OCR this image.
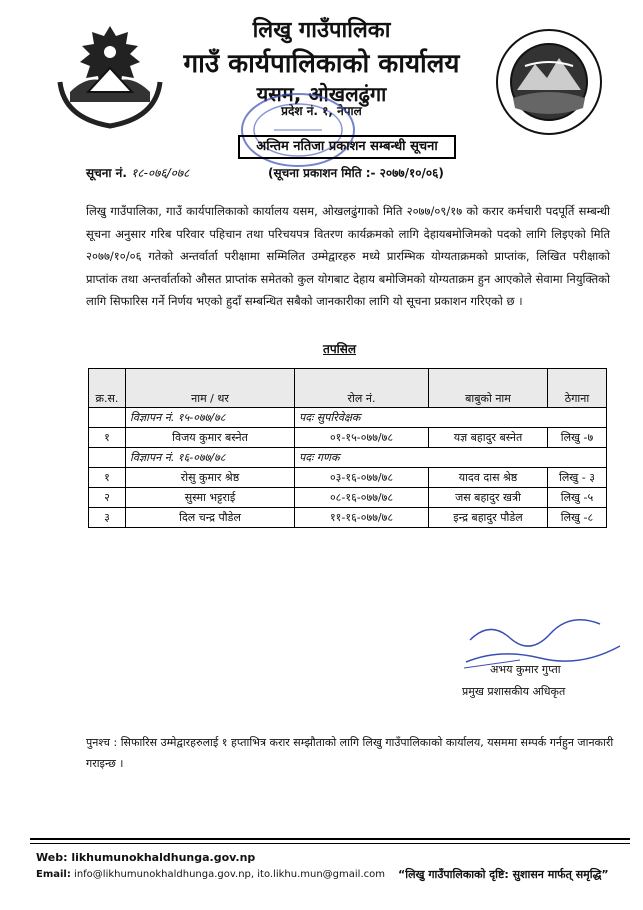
लिखु गाउँपालिका
गाउँ कार्यपालिकाको कार्यालय
यसम, ओखलढुंगा
प्रदेश नं. १, नेपाल
अन्तिम नतिजा प्रकाशन सम्बन्धी सूचना
सूचना नं. १८-०७६/०७८	(सूचना प्रकाशन मिति :- २०७७/१०/०६)
लिखु गाउँपालिका, गाउँ कार्यपालिकाको कार्यालय यसम, ओखलढुंगाको मिति २०७७/०९/१७ को करार कर्मचारी पदपूर्ति सम्बन्धी सूचना अनुसार गरिब परिवार पहिचान तथा परिचयपत्र वितरण कार्यक्रमको लागि देहायबमोजिमको पदको लागि लिइएको मिति २०७७/१०/०६ गतेको अन्तर्वार्ता परीक्षामा सम्मिलित उम्मेद्वारहरु मध्ये प्रारम्भिक योग्यताक्रमको प्राप्तांक, लिखित परीक्षाको प्राप्तांक तथा अन्तर्वार्ताको औसत प्राप्तांक समेतको कुल योगबाट देहाय बमोजिमको योग्यताक्रम हुन आएकोले सेवामा नियुक्तिको लागि सिफारिस गर्ने निर्णय भएको हुदाँ सम्बन्धित सबैको जानकारीका लागि यो सूचना प्रकाशन गरिएको छ ।
तपसिल
क्र.स.	नाम / थर	रोल नं.	बाबुको नाम	ठेगाना
	विज्ञापन नं. १५-०७७/७८	पदः सुपरिवेक्षक		
१	विजय कुमार बस्नेत	०१-१५-०७७/७८	यज्ञ बहादुर बस्नेत	लिखु -७
	विज्ञापन नं. १६-०७७/७८	पदः गणक		
१	रोसु कुमार श्रेष्ठ	०३-१६-०७७/७८	यादव दास श्रेष्ठ	लिखु - ३
२	सुस्मा भट्टराई	०८-१६-०७७/७८	जस बहादुर खत्री	लिखु -५
३	दिल चन्द्र पौडेल	११-१६-०७७/७८	इन्द्र बहादुर पौडेल	लिखु -८
अभय कुमार गुप्ता
प्रमुख प्रशासकीय अधिकृत
पुनश्च : सिफारिस उम्मेद्वारहरुलाई १ हप्ताभित्र करार सम्झौताको लागि लिखु गाउँपालिकाको कार्यालय, यसममा सम्पर्क गर्नहुन जानकारी गराइन्छ ।
Web: likhumunokhaldhunga.gov.np
Email: info@likhumunokhaldhunga.gov.np, ito.likhu.mun@gmail.com “लिखु गाउँपालिकाको दृष्टि: सुशासन मार्फत् समृद्धि”
